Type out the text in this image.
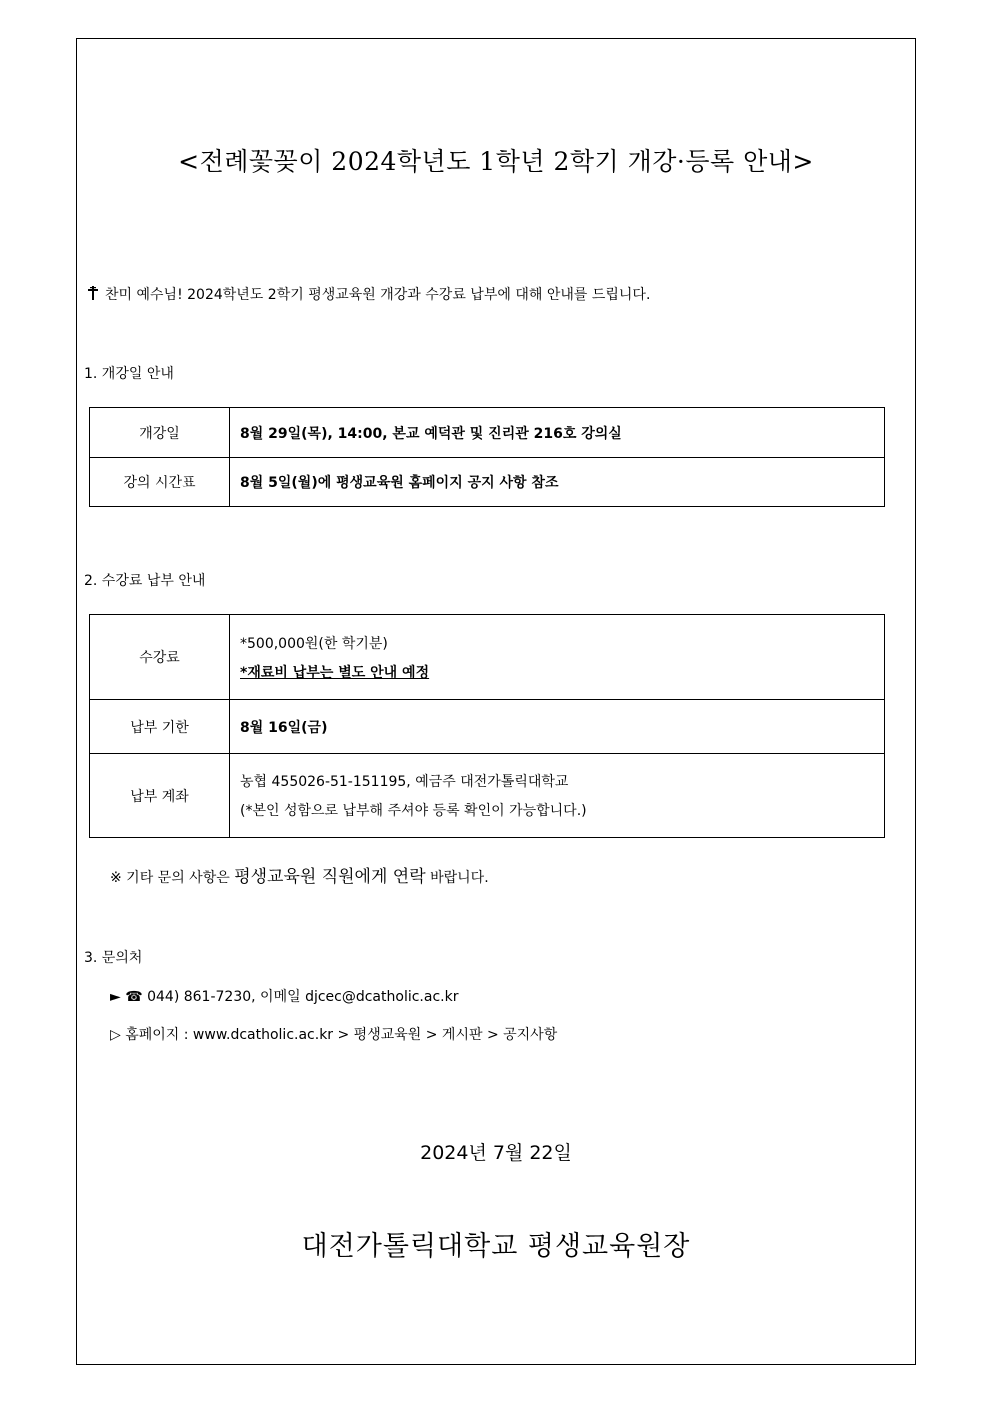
<전례꽃꽂이 2024학년도 1학년 2학기 개강·등록 안내>
찬미 예수님! 2024학년도 2학기 평생교육원 개강과 수강료 납부에 대해 안내를 드립니다.
1. 개강일 안내
개강일	8월 29일(목), 14:00, 본교 예덕관 및 진리관 216호 강의실
강의 시간표	8월 5일(월)에 평생교육원 홈페이지 공지 사항 참조
2. 수강료 납부 안내
수강료	*500,000원(한 학기분)
*재료비 납부는 별도 안내 예정

납부 기한	8월 16일(금)
납부 계좌	농협 455026-51-151195, 예금주 대전가톨릭대학교
(*본인 성함으로 납부해 주셔야 등록 확인이 가능합니다.)
※ 기타 문의 사항은 평생교육원 직원에게 연락 바랍니다.
3. 문의처
► ☎ 044) 861-7230, 이메일 djcec@dcatholic.ac.kr
▷ 홈페이지 : www.dcatholic.ac.kr > 평생교육원 > 게시판 > 공지사항
2024년 7월 22일
대전가톨릭대학교 평생교육원장
